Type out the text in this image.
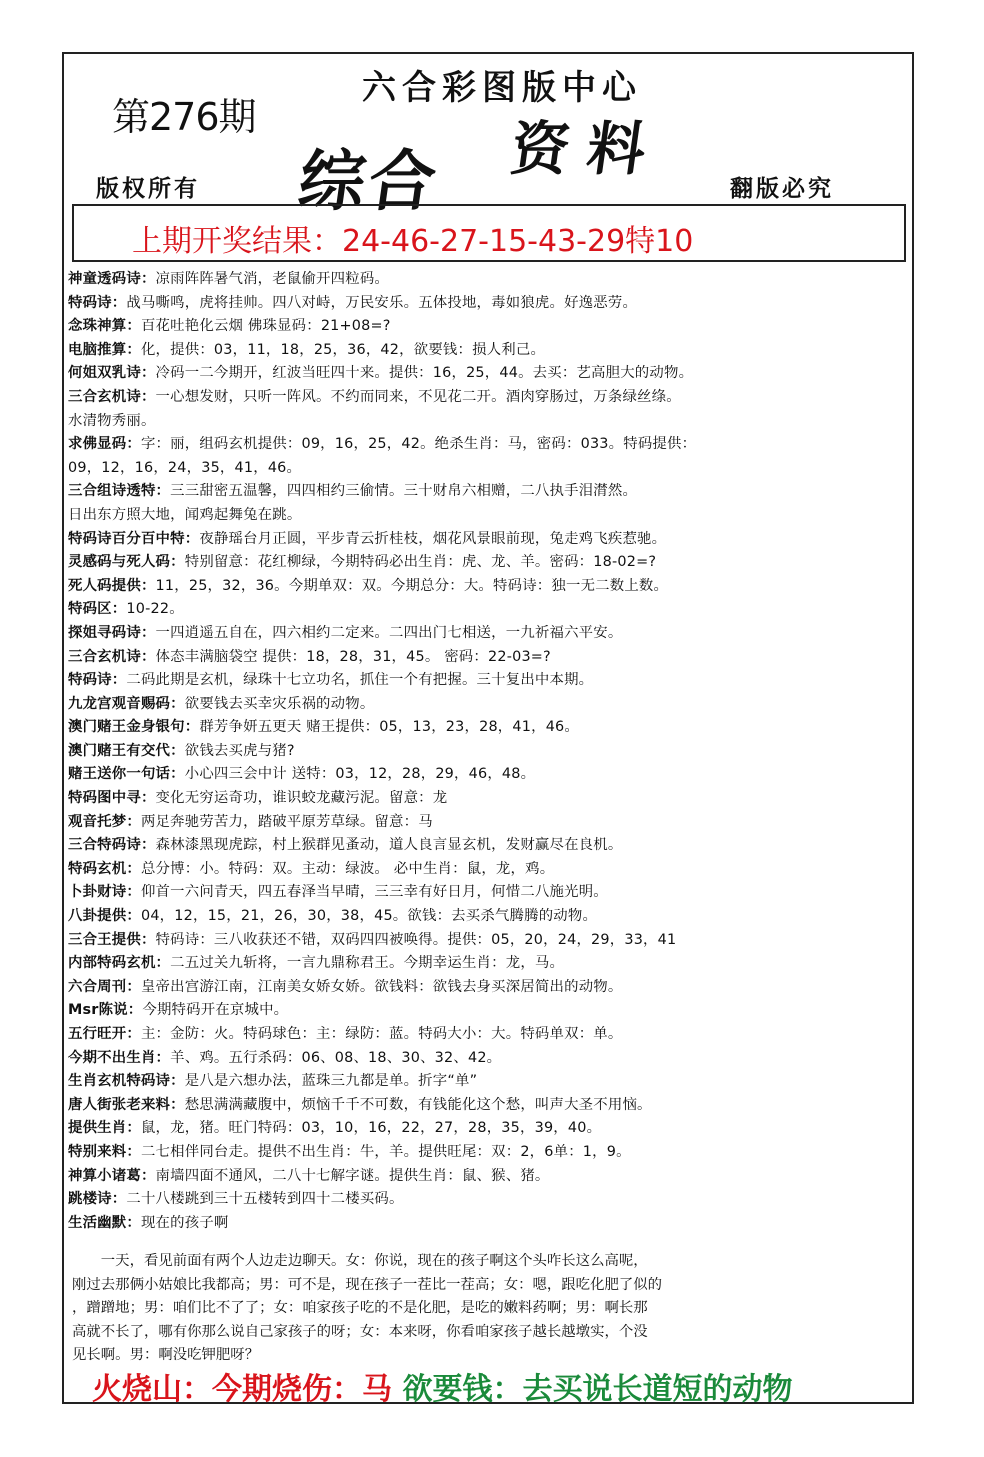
第276期
六合彩图版中心
资料
综合
版权所有	翻版必究
上期开奖结果：24-46-27-15-43-29特10
神童透码诗：凉雨阵阵暑气消，老鼠偷开四粒码。
特码诗：战马嘶鸣，虎将挂帅。四八对峙，万民安乐。五体投地，毒如狼虎。好逸恶劳。
念珠神算：百花吐艳化云烟 佛珠显码：21+08=?
电脑推算：化，提供：03，11，18，25，36，42，欲要钱：损人利己。
何姐双乳诗：冷码一二今期开，红波当旺四十来。提供：16，25，44。去买：艺高胆大的动物。
三合玄机诗：一心想发财，只听一阵风。不约而同来，不见花二开。酒肉穿肠过，万条绿丝绦。
水清物秀丽。
求佛显码：字：丽，组码玄机提供：09，16，25，42。绝杀生肖：马，密码：033。特码提供：
09，12，16，24，35，41，46。
三合组诗透特：三三甜密五温馨，四四相约三偷情。三十财帛六相赠，二八执手泪潸然。
日出东方照大地，闻鸡起舞兔在跳。
特码诗百分百中特：夜静瑶台月正圆，平步青云折桂枝，烟花风景眼前现，兔走鸡飞疾惹驰。
灵感码与死人码：特别留意：花红柳绿，今期特码必出生肖：虎、龙、羊。密码：18-02=?
死人码提供：11，25，32，36。今期单双：双。今期总分：大。特码诗：独一无二数上数。
特码区：10-22。
探姐寻码诗：一四逍遥五自在，四六相约二定来。二四出门七相送，一九祈福六平安。
三合玄机诗：体态丰满脑袋空 提供：18，28，31，45。 密码：22-03=?
特码诗：二码此期是玄机，绿珠十七立功名，抓住一个有把握。三十复出中本期。
九龙宫观音赐码：欲要钱去买幸灾乐祸的动物。
澳门赌王金身银句：群芳争妍五更天 赌王提供：05，13，23，28，41，46。
澳门赌王有交代：欲钱去买虎与猪?
赌王送你一句话：小心四三会中计 送特：03，12，28，29，46，48。
特码图中寻：变化无穷运奇功，谁识蛟龙藏污泥。留意：龙
观音托梦：两足奔驰劳苦力，踏破平原芳草绿。留意：马
三合特码诗：森林漆黑现虎踪，村上猴群见蚤动，道人良言显玄机，发财赢尽在良机。
特码玄机：总分博：小。特码：双。主动：绿波。 必中生肖：鼠，龙，鸡。
卜卦财诗：仰首一六问青天，四五春泽当早晴，三三幸有好日月，何惜二八施光明。
八卦提供：04，12，15，21，26，30，38，45。欲钱：去买杀气腾腾的动物。
三合王提供：特码诗：三八收获还不错，双码四四被唤得。提供：05，20，24，29，33，41
内部特码玄机：二五过关九斩将，一言九鼎称君王。今期幸运生肖：龙，马。
六合周刊：皇帝出宫游江南，江南美女娇女娇。欲钱料：欲钱去身买深居简出的动物。
Msr陈说：今期特码开在京城中。
五行旺开：主：金防：火。特码球色：主：绿防：蓝。特码大小：大。特码单双：单。
今期不出生肖：羊、鸡。五行杀码：06、08、18、30、32、42。
生肖玄机特码诗：是八是六想办法，蓝珠三九都是单。折字“单”
唐人街张老来料：愁思满满藏腹中，烦恼千千不可数，有钱能化这个愁，叫声大圣不用恼。
提供生肖：鼠，龙，猪。旺门特码：03，10，16，22，27，28，35，39，40。
特别来料：二七相伴同台走。提供不出生肖：牛，羊。提供旺尾：双：2，6单：1，9。
神算小诸葛：南墙四面不通风，二八十七解字谜。提供生肖：鼠、猴、猪。
跳楼诗：二十八楼跳到三十五楼转到四十二楼买码。
生活幽默：现在的孩子啊

　　一天，看见前面有两个人边走边聊天。女：你说，现在的孩子啊这个头咋长这么高呢，

刚过去那俩小姑娘比我都高；男：可不是，现在孩子一茬比一茬高；女：嗯，跟吃化肥了似的

，蹭蹭地；男：咱们比不了了；女：咱家孩子吃的不是化肥，是吃的嫩料药啊；男：啊长那

高就不长了，哪有你那么说自己家孩子的呀；女：本来呀，你看咱家孩子越长越墩实，个没

见长啊。男：啊没吃钾肥呀？

火烧山：今期烧伤：马 欲要钱：去买说长道短的动物
